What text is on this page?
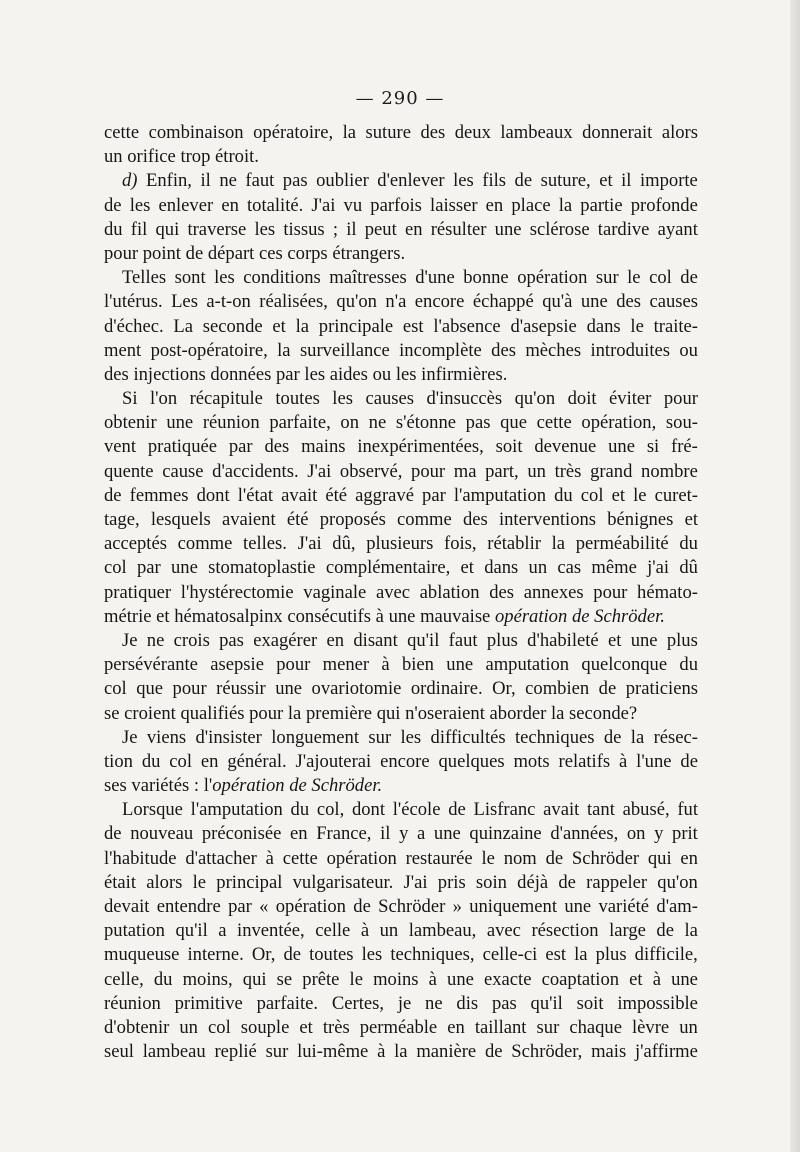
— 290 —
cette combinaison opératoire, la suture des deux lambeaux donnerait alors
un
orifice
trop
étroit.
d) Enfin, il ne faut pas oublier d'enlever les fils de suture, et il importe
de les enlever en totalité. J'ai vu parfois laisser en place la partie profonde
du fil qui traverse les tissus ; il peut en résulter une sclérose tardive ayant
pour
point
de
départ
ces
corps
étrangers.
Telles sont les conditions maîtresses d'une bonne opération sur le col de
l'utérus. Les a-t-on réalisées, qu'on n'a encore échappé qu'à une des causes
d'échec. La seconde et la principale est l'absence d'asepsie dans le traite-
ment post-opératoire, la surveillance incomplète des mèches introduites ou
des
injections
données
par
les
aides
ou
les
infirmières.
Si l'on récapitule toutes les causes d'insuccès qu'on doit éviter pour
obtenir une réunion parfaite, on ne s'étonne pas que cette opération, sou-
vent pratiquée par des mains inexpérimentées, soit devenue une si fré-
quente cause d'accidents. J'ai observé, pour ma part, un très grand nombre
de femmes dont l'état avait été aggravé par l'amputation du col et le curet-
tage, lesquels avaient été proposés comme des interventions bénignes et
acceptés comme telles. J'ai dû, plusieurs fois, rétablir la perméabilité du
col par une stomatoplastie complémentaire, et dans un cas même j'ai dû
pratiquer l'hystérectomie vaginale avec ablation des annexes pour hémato-
métrie
et
hématosalpinx
consécutifs
à
une
mauvaise
opération
de
Schröder.
Je ne crois pas exagérer en disant qu'il faut plus d'habileté et une plus
persévérante asepsie pour mener à bien une amputation quelconque du
col que pour réussir une ovariotomie ordinaire. Or, combien de praticiens
se
croient
qualifiés
pour
la
première
qui
n'oseraient
aborder
la
seconde?
Je viens d'insister longuement sur les difficultés techniques de la résec-
tion du col en général. J'ajouterai encore quelques mots relatifs à l'une de
ses
variétés
:
l' opération
de
Schröder.
Lorsque l'amputation du col, dont l'école de Lisfranc avait tant abusé, fut
de nouveau préconisée en France, il y a une quinzaine d'années, on y prit
l'habitude d'attacher à cette opération restaurée le nom de Schröder qui en
était alors le principal vulgarisateur. J'ai pris soin déjà de rappeler qu'on
devait entendre par « opération de Schröder » uniquement une variété d'am-
putation qu'il a inventée, celle à un lambeau, avec résection large de la
muqueuse interne. Or, de toutes les techniques, celle-ci est la plus difficile,
celle, du moins, qui se prête le moins à une exacte coaptation et à une
réunion primitive parfaite. Certes, je ne dis pas qu'il soit impossible
d'obtenir un col souple et très perméable en taillant sur chaque lèvre un
seul lambeau replié sur lui-même à la manière de Schröder, mais j'affirme
